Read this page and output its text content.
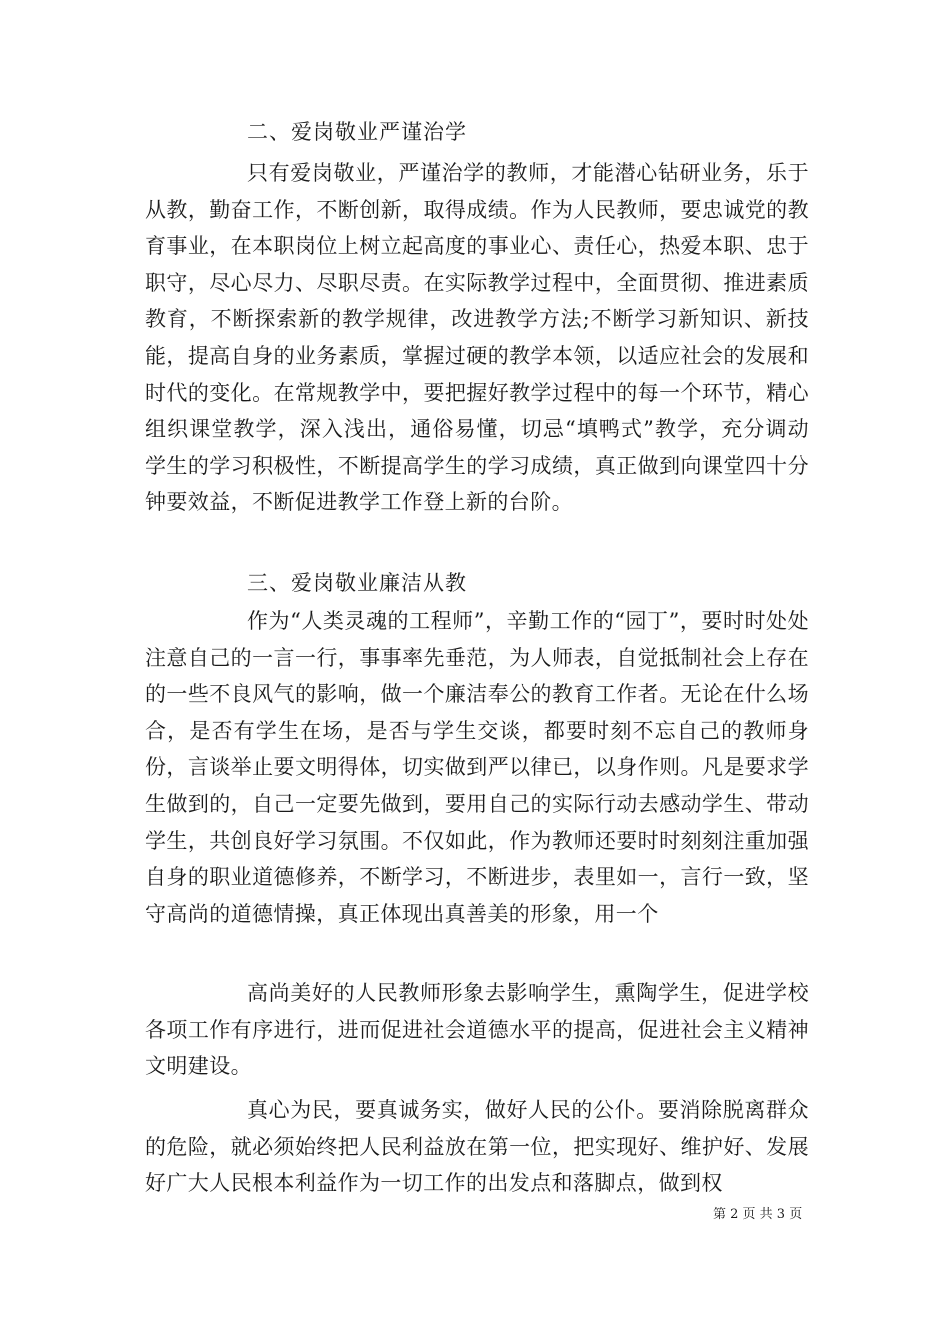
二、爱岗敬业严谨治学

只有爱岗敬业，严谨治学的教师，才能潜心钻研业务，乐于从教，勤奋工作，不断创新，取得成绩。作为人民教师，要忠诚党的教育事业，在本职岗位上树立起高度的事业心、责任心，热爱本职、忠于职守，尽心尽力、尽职尽责。在实际教学过程中，全面贯彻、推进素质教育，不断探索新的教学规律，改进教学方法;不断学习新知识、新技能，提高自身的业务素质，掌握过硬的教学本领，以适应社会的发展和时代的变化。在常规教学中，要把握好教学过程中的每一个环节，精心组织课堂教学，深入浅出，通俗易懂，切忌“填鸭式”教学，充分调动学生的学习积极性，不断提高学生的学习成绩，真正做到向课堂四十分钟要效益，不断促进教学工作登上新的台阶。

三、爱岗敬业廉洁从教

作为“人类灵魂的工程师”，辛勤工作的“园丁”，要时时处处注意自己的一言一行，事事率先垂范，为人师表，自觉抵制社会上存在的一些不良风气的影响，做一个廉洁奉公的教育工作者。无论在什么场合，是否有学生在场，是否与学生交谈，都要时刻不忘自己的教师身份，言谈举止要文明得体，切实做到严以律已，以身作则。凡是要求学生做到的，自己一定要先做到，要用自己的实际行动去感动学生、带动学生，共创良好学习氛围。不仅如此，作为教师还要时时刻刻注重加强自身的职业道德修养，不断学习，不断进步，表里如一，言行一致，坚守高尚的道德情操，真正体现出真善美的形象，用一个

高尚美好的人民教师形象去影响学生，熏陶学生，促进学校各项工作有序进行，进而促进社会道德水平的提高，促进社会主义精神文明建设。

真心为民，要真诚务实，做好人民的公仆。要消除脱离群众的危险，就必须始终把人民利益放在第一位，把实现好、维护好、发展好广大人民根本利益作为一切工作的出发点和落脚点，做到权

第 2 页 共 3 页
